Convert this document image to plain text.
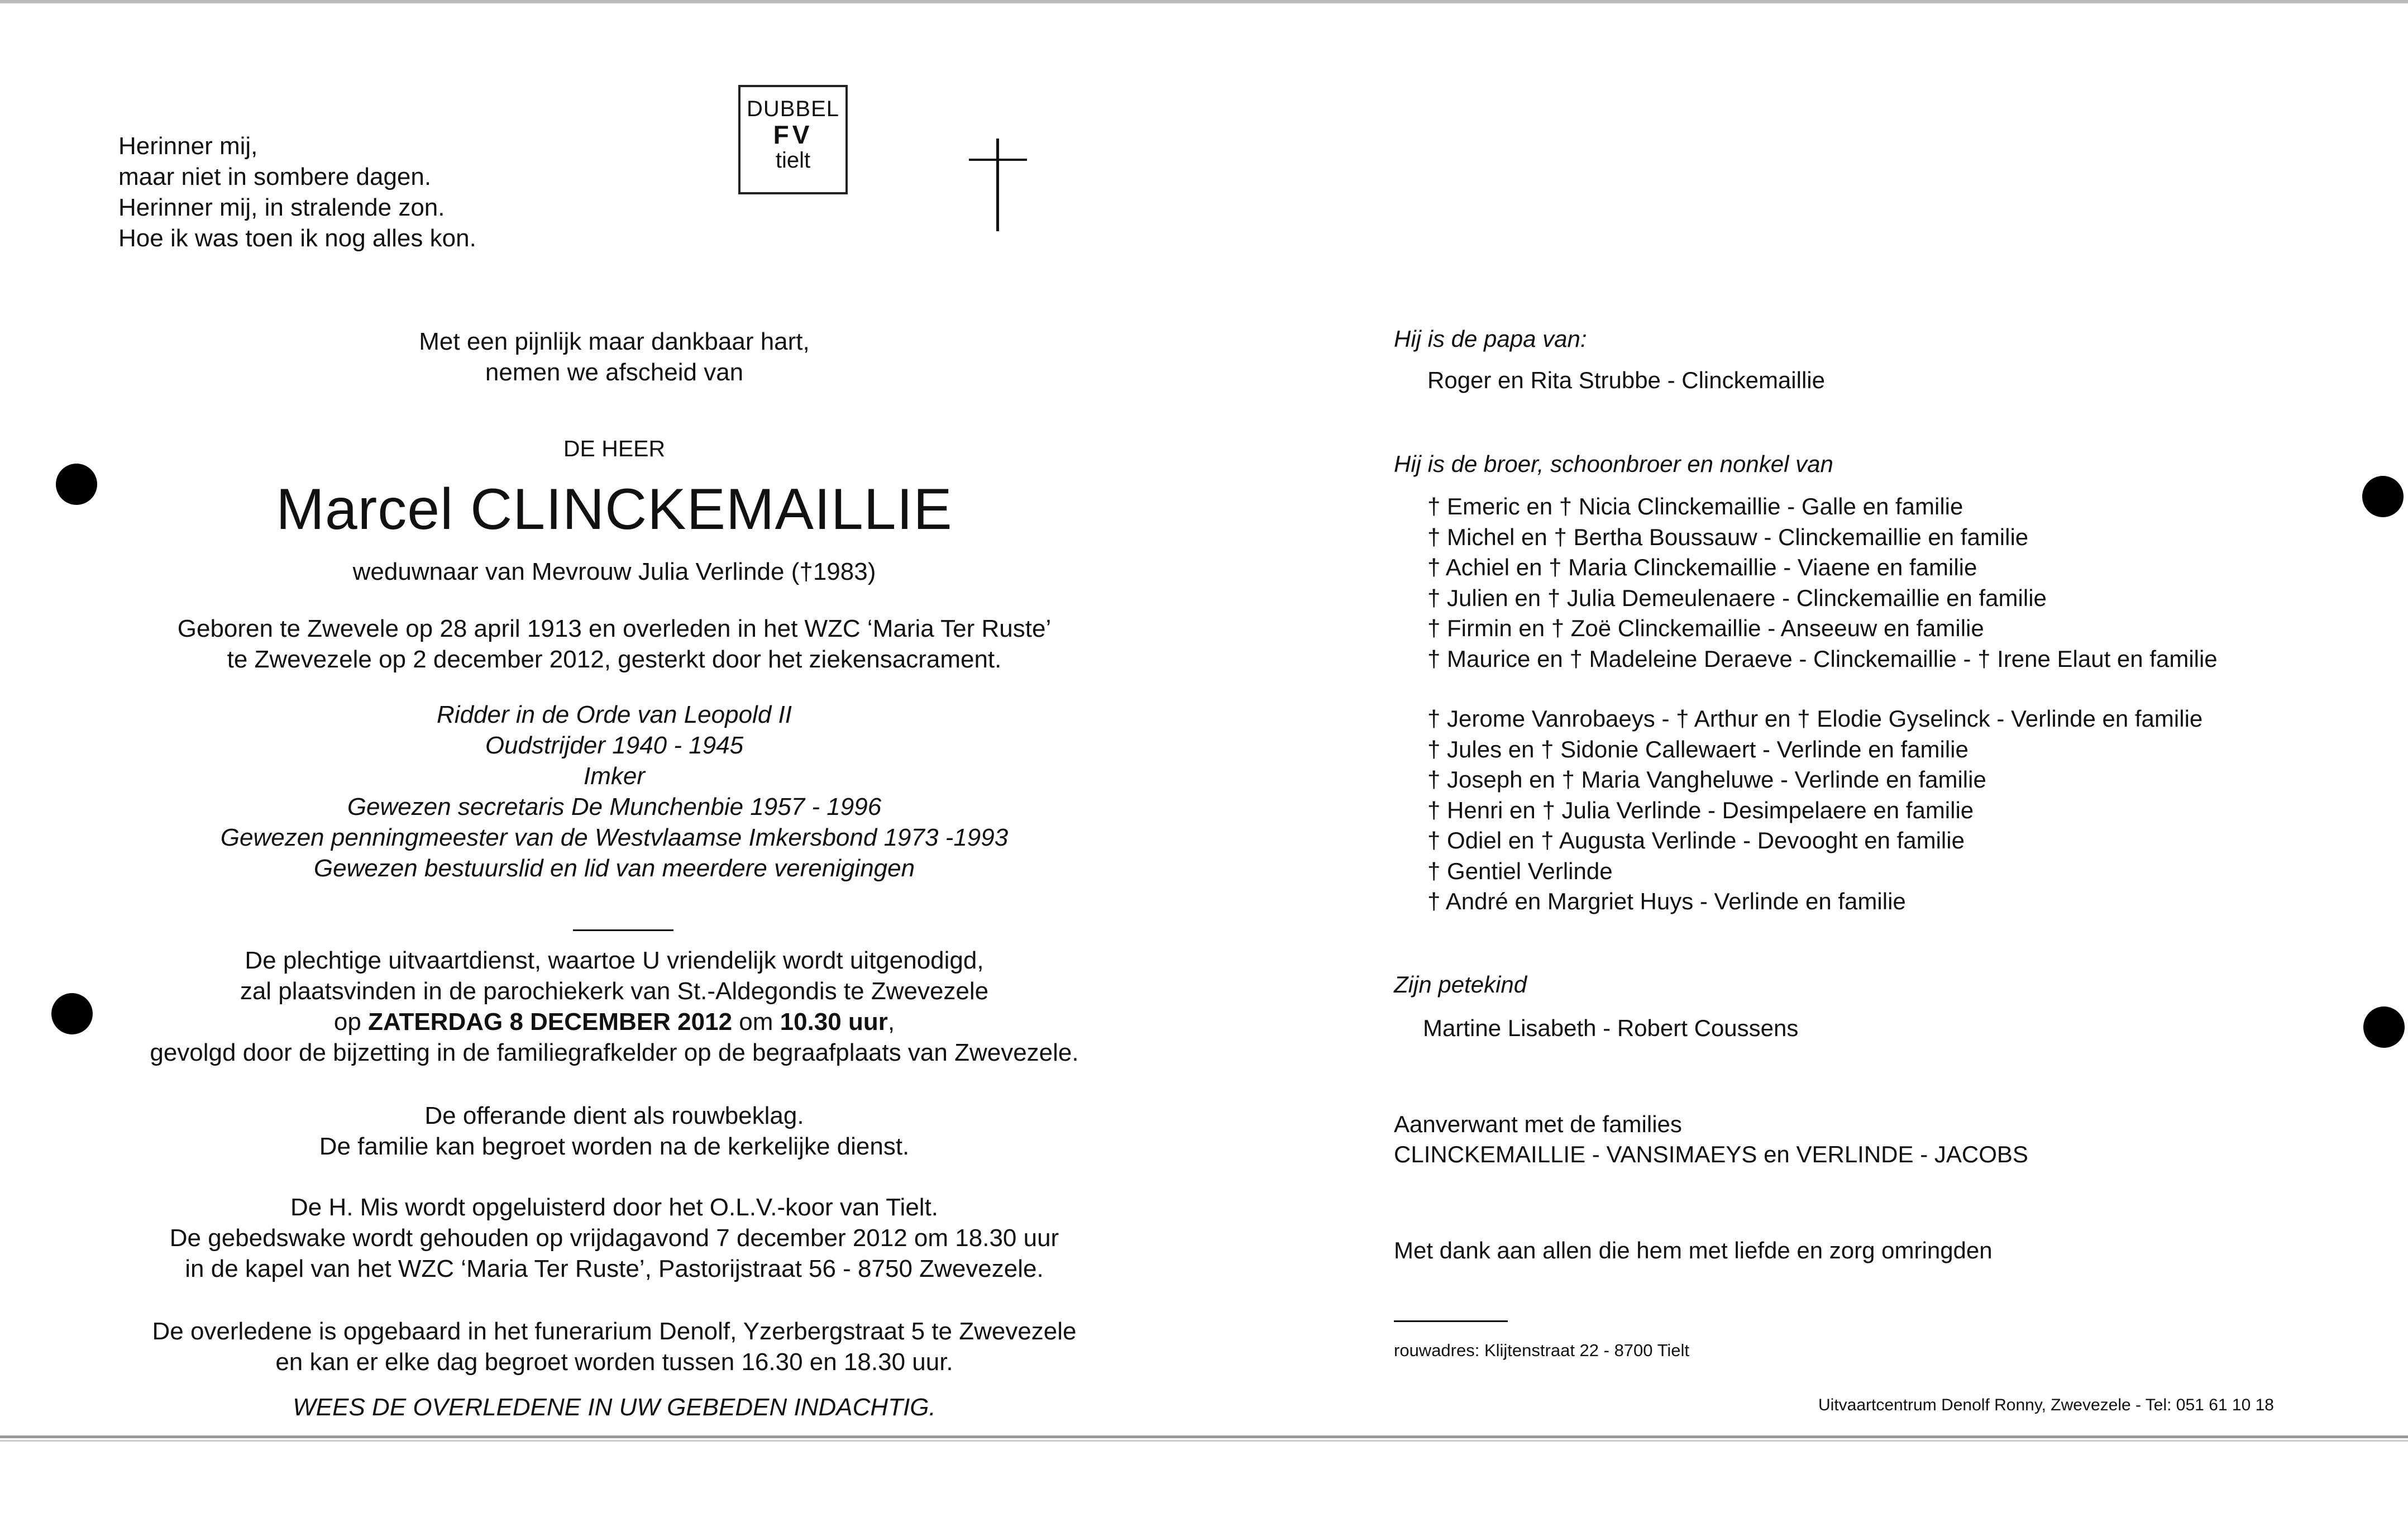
Herinner mij,
maar niet in sombere dagen.
Herinner mij, in stralende zon.
Hoe ik was toen ik nog alles kon.
DUBBEL
FV
tielt
Met een pijnlijk maar dankbaar hart,
nemen we afscheid van
DE HEER
Marcel CLINCKEMAILLIE
weduwnaar van Mevrouw Julia Verlinde (†1983)
Geboren te Zwevele op 28 april 1913 en overleden in het WZC ‘Maria Ter Ruste’
te Zwevezele op 2 december 2012, gesterkt door het ziekensacrament.
Ridder in de Orde van Leopold II
Oudstrijder 1940 - 1945
Imker
Gewezen secretaris De Munchenbie 1957 - 1996
Gewezen penningmeester van de Westvlaamse Imkersbond 1973 -1993
Gewezen bestuurslid en lid van meerdere verenigingen
De plechtige uitvaartdienst, waartoe U vriendelijk wordt uitgenodigd,
zal plaatsvinden in de parochiekerk van St.-Aldegondis te Zwevezele
op ZATERDAG 8 DECEMBER 2012 om 10.30 uur,
gevolgd door de bijzetting in de familiegrafkelder op de begraafplaats van Zwevezele.
De offerande dient als rouwbeklag.
De familie kan begroet worden na de kerkelijke dienst.
De H. Mis wordt opgeluisterd door het O.L.V.-koor van Tielt.
De gebedswake wordt gehouden op vrijdagavond 7 december 2012 om 18.30 uur
in de kapel van het WZC ‘Maria Ter Ruste’, Pastorijstraat 56 - 8750 Zwevezele.
De overledene is opgebaard in het funerarium Denolf, Yzerbergstraat 5 te Zwevezele
en kan er elke dag begroet worden tussen 16.30 en 18.30 uur.
WEES DE OVERLEDENE IN UW GEBEDEN INDACHTIG.
Hij is de papa van:
Roger en Rita Strubbe - Clinckemaillie
Hij is de broer, schoonbroer en nonkel van
† Emeric en † Nicia Clinckemaillie - Galle en familie
† Michel en † Bertha Boussauw - Clinckemaillie en familie
† Achiel en † Maria Clinckemaillie - Viaene en familie
† Julien en † Julia Demeulenaere - Clinckemaillie en familie
† Firmin en † Zoë Clinckemaillie - Anseeuw en familie
† Maurice en † Madeleine Deraeve - Clinckemaillie - † Irene Elaut en familie
† Jerome Vanrobaeys - † Arthur en † Elodie Gyselinck - Verlinde en familie
† Jules en † Sidonie Callewaert - Verlinde en familie
† Joseph en † Maria Vangheluwe - Verlinde en familie
† Henri en † Julia Verlinde - Desimpelaere en familie
† Odiel en † Augusta Verlinde - Devooght en familie
† Gentiel Verlinde
† André en Margriet Huys - Verlinde en familie
Zijn petekind
Martine Lisabeth - Robert Coussens
Aanverwant met de families
CLINCKEMAILLIE - VANSIMAEYS en VERLINDE - JACOBS
Met dank aan allen die hem met liefde en zorg omringden
rouwadres: Klijtenstraat 22 - 8700 Tielt
Uitvaartcentrum Denolf Ronny, Zwevezele - Tel: 051 61 10 18
